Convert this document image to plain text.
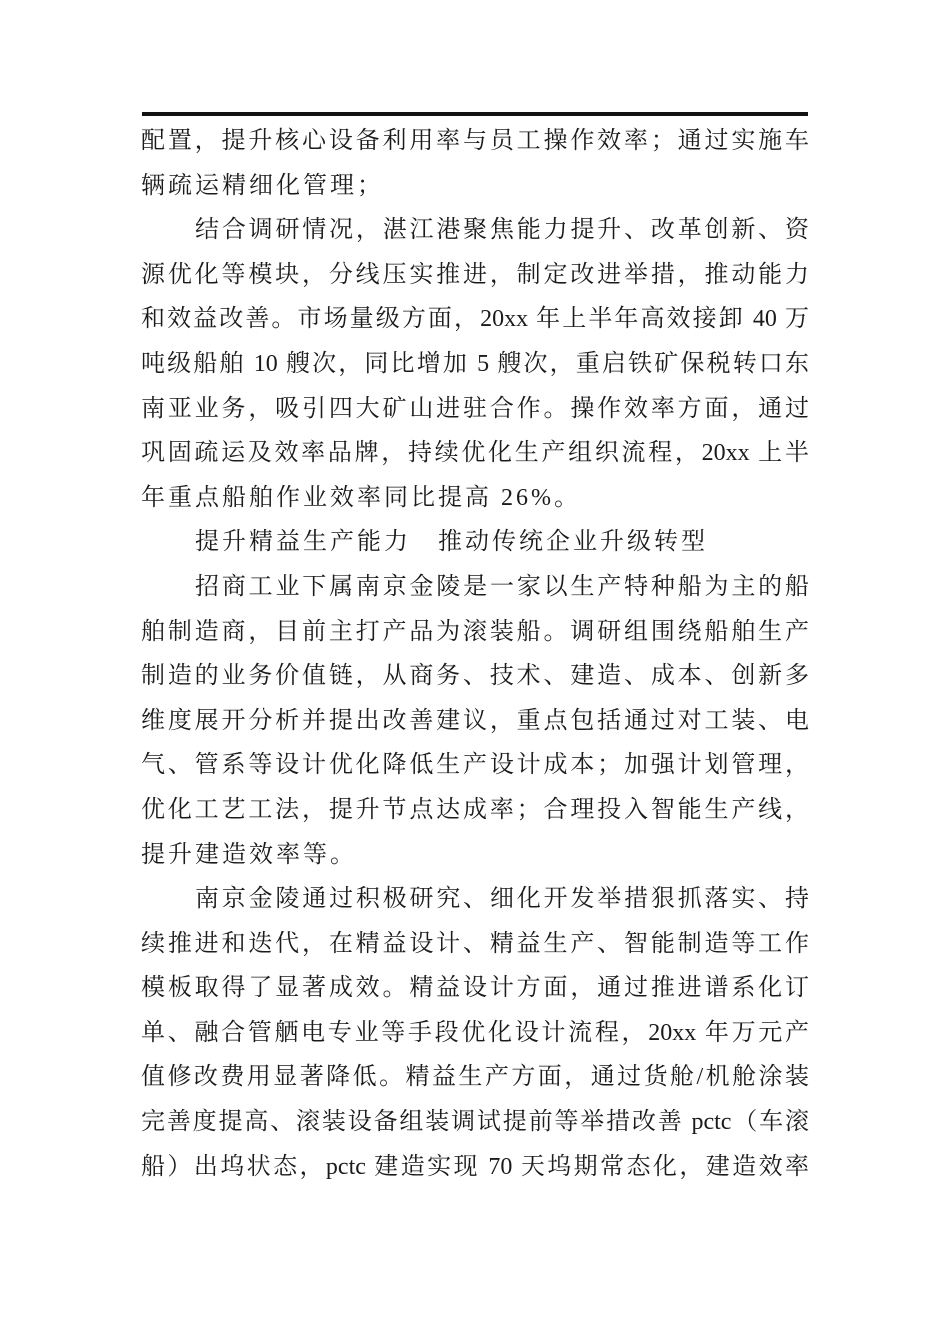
配置，提升核心设备利用率与员工操作效率；通过实施车
辆疏运精细化管理；
结合调研情况，湛江港聚焦能力提升、改革创新、资
源优化等模块，分线压实推进，制定改进举措，推动能力
和效益改善。市场量级方面，20xx 年上半年高效接卸 40 万
吨级船舶 10 艘次，同比增加 5 艘次，重启铁矿保税转口东
南亚业务，吸引四大矿山进驻合作。操作效率方面，通过
巩固疏运及效率品牌，持续优化生产组织流程，20xx 上半
年重点船舶作业效率同比提高 26%。
提升精益生产能力　推动传统企业升级转型
招商工业下属南京金陵是一家以生产特种船为主的船
舶制造商，目前主打产品为滚装船。调研组围绕船舶生产
制造的业务价值链，从商务、技术、建造、成本、创新多
维度展开分析并提出改善建议，重点包括通过对工装、电
气、管系等设计优化降低生产设计成本；加强计划管理，
优化工艺工法，提升节点达成率；合理投入智能生产线，
提升建造效率等。
南京金陵通过积极研究、细化开发举措狠抓落实、持
续推进和迭代，在精益设计、精益生产、智能制造等工作
模板取得了显著成效。精益设计方面，通过推进谱系化订
单、融合管舾电专业等手段优化设计流程，20xx 年万元产
值修改费用显著降低。精益生产方面，通过货舱/机舱涂装
完善度提高、滚装设备组装调试提前等举措改善 pctc（车滚
船）出坞状态，pctc 建造实现 70 天坞期常态化，建造效率
